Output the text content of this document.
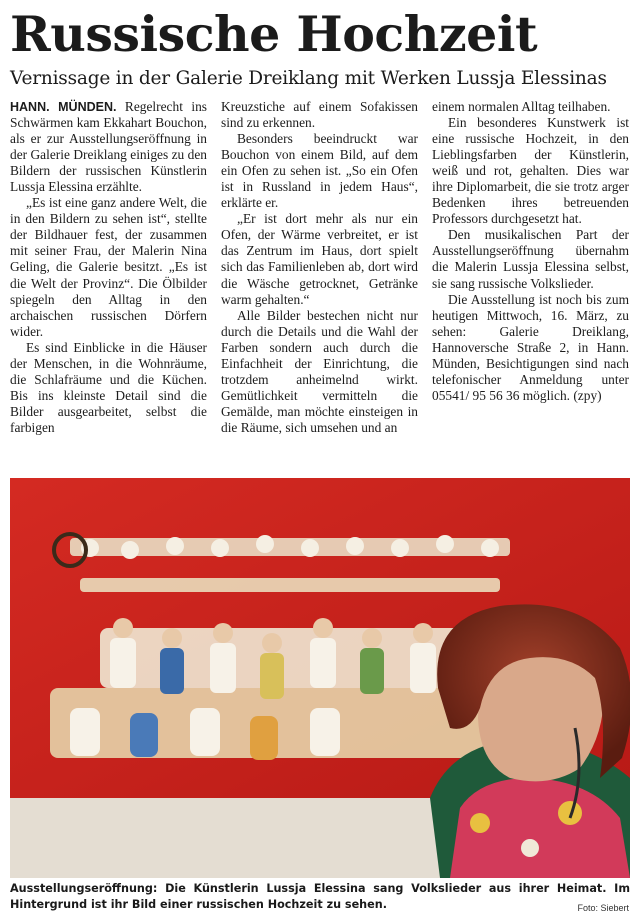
Russische Hochzeit
Vernissage in der Galerie Dreiklang mit Werken Lussja Elessinas

HANN. MÜNDEN. Regelrecht ins Schwärmen kam Ekkahart Bouchon, als er zur Ausstellungseröffnung in der Galerie Dreiklang einiges zu den Bildern der russischen Künstlerin Lussja Elessina erzählte.

„Es ist eine ganz andere Welt, die in den Bildern zu sehen ist“, stellte der Bildhauer fest, der zusammen mit seiner Frau, der Malerin Nina Geling, die Galerie besitzt. „Es ist die Welt der Provinz“. Die Ölbilder spiegeln den Alltag in den archaischen russischen Dörfern wider.

Es sind Einblicke in die Häuser der Menschen, in die Wohnräume, die Schlafräume und die Küchen. Bis ins kleinste Detail sind die Bilder ausgearbeitet, selbst die farbigen

Kreuzstiche auf einem Sofakissen sind zu erkennen.

Besonders beeindruckt war Bouchon von einem Bild, auf dem ein Ofen zu sehen ist. „So ein Ofen ist in Russland in jedem Haus“, erklärte er.

„Er ist dort mehr als nur ein Ofen, der Wärme verbreitet, er ist das Zentrum im Haus, dort spielt sich das Familienleben ab, dort wird die Wäsche getrocknet, Getränke warm gehalten.“

Alle Bilder bestechen nicht nur durch die Details und die Wahl der Farben sondern auch durch die Einfachheit der Einrichtung, die trotzdem anheimelnd wirkt. Gemütlichkeit vermitteln die Gemälde, man möchte einsteigen in die Räume, sich umsehen und an

einem normalen Alltag teilhaben.

Ein besonderes Kunstwerk ist eine russische Hochzeit, in den Lieblingsfarben der Künstlerin, weiß und rot, gehalten. Dies war ihre Diplomarbeit, die sie trotz arger Bedenken ihres betreuenden Professors durchgesetzt hat.

Den musikalischen Part der Ausstellungseröffnung übernahm die Malerin Lussja Elessina selbst, sie sang russische Volkslieder.

Die Ausstellung ist noch bis zum heutigen Mittwoch, 16. März, zu sehen: Galerie Dreiklang, Hannoversche Straße 2, in Hann. Münden, Besichtigungen sind nach telefonischer Anmeldung unter 05541/ 95 56 36 möglich. (zpy)

Ausstellungseröffnung: Die Künstlerin Lussja Elessina sang Volkslieder aus ihrer Heimat. Im Hintergrund ist ihr Bild einer russischen Hochzeit zu sehen.	Foto: Siebert
